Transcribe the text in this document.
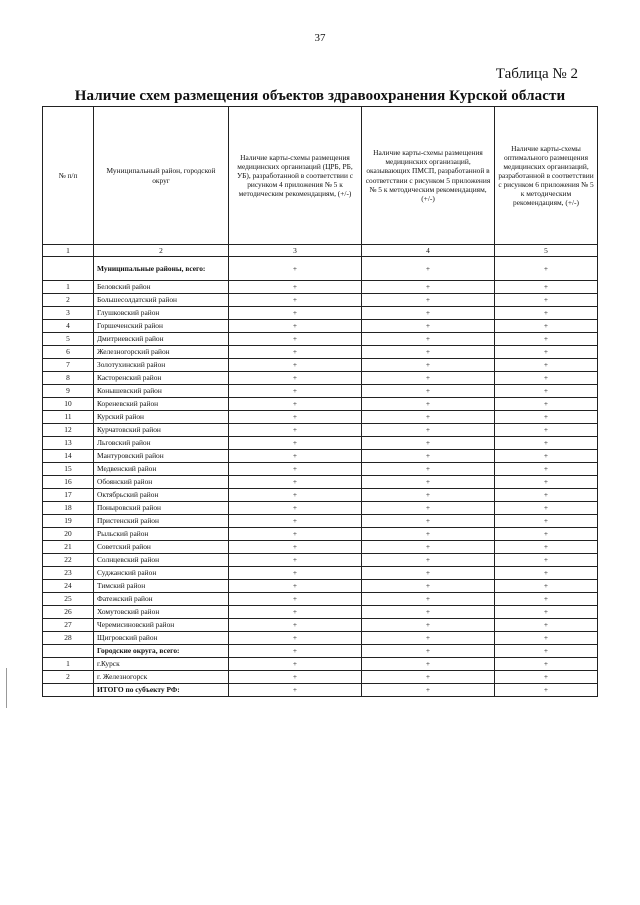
37
Таблица № 2
Наличие схем размещения объектов здравоохранения Курской области
№ п/п	Муниципальный район, городской округ	Наличие карты-схемы размещения медицинских организаций (ЦРБ, РБ, УБ), разработанной в соответствии с рисунком 4 приложения № 5 к методическим рекомендациям, (+/-)	Наличие карты-схемы размещения медицинских организаций, оказывающих ПМСП, разработанной в соответствии с рисунком 5 приложения № 5 к методическим рекомендациям, (+/-)	Наличие карты-схемы оптимального размещения медицинских организаций, разработанной в соответствии с рисунком 6 приложения № 5 к методическим рекомендациям, (+/-)
1	2	3	4	5
	Муниципальные районы, всего:	+	+	+
1	Беловский район	+	+	+
2	Большесолдатский район	+	+	+
3	Глушковский район	+	+	+
4	Горшеченский район	+	+	+
5	Дмитриевский район	+	+	+
6	Железногорский район	+	+	+
7	Золотухинский район	+	+	+
8	Касторенский район	+	+	+
9	Конышевский район	+	+	+
10	Кореневский район	+	+	+
11	Курский район	+	+	+
12	Курчатовский район	+	+	+
13	Льговский район	+	+	+
14	Мантуровский район	+	+	+
15	Медвенский район	+	+	+
16	Обоянский район	+	+	+
17	Октябрьский район	+	+	+
18	Поныровский район	+	+	+
19	Пристенский район	+	+	+
20	Рыльский район	+	+	+
21	Советский район	+	+	+
22	Солнцевский район	+	+	+
23	Суджанский район	+	+	+
24	Тимский район	+	+	+
25	Фатежский район	+	+	+
26	Хомутовский район	+	+	+
27	Черемисиновский район	+	+	+
28	Щигровский район	+	+	+
	Городские округа, всего:	+	+	+
1	г.Курск	+	+	+
2	г. Железногорск	+	+	+
	ИТОГО по субъекту РФ:	+	+	+
